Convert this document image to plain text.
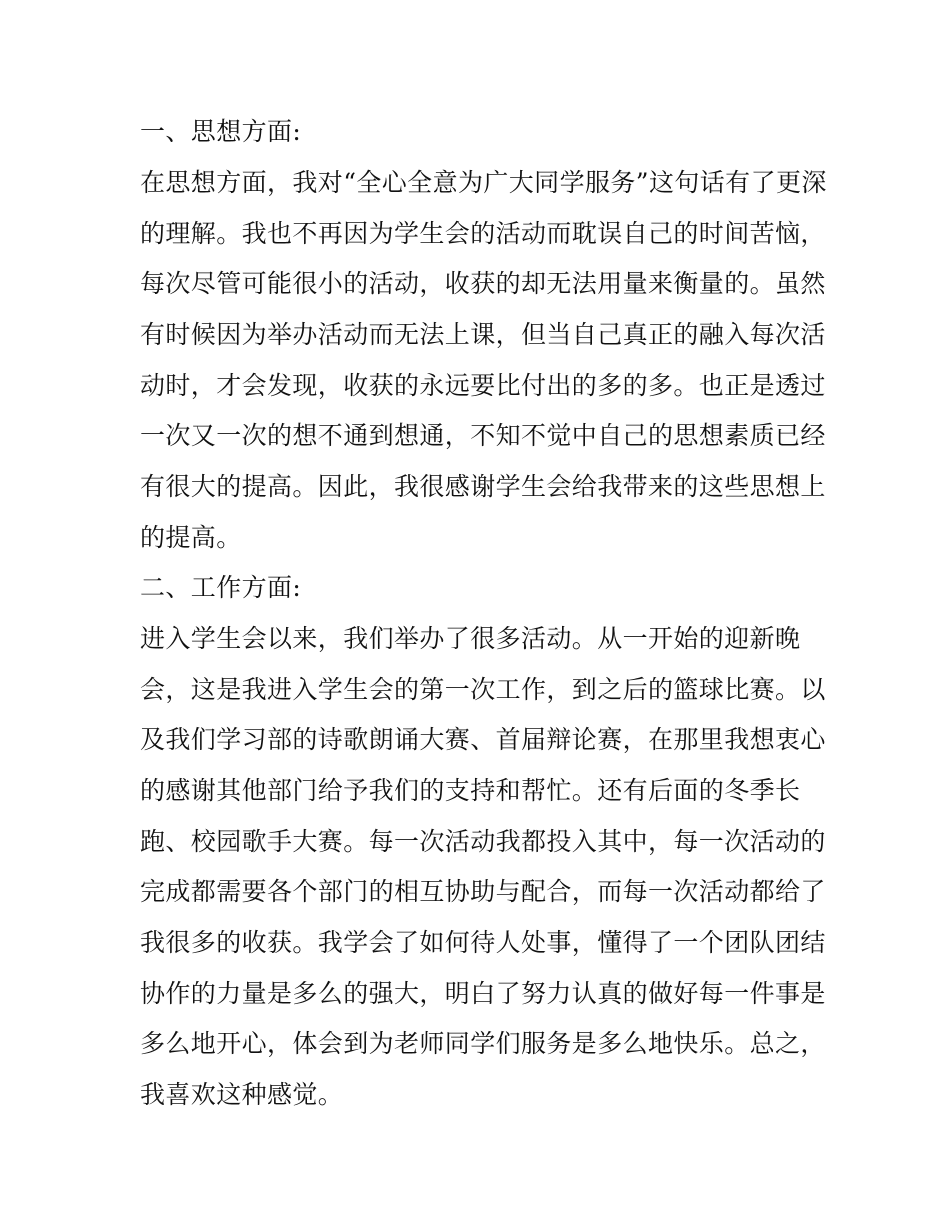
一、思想方面:

在思想方面，我对“全心全意为广大同学服务”这句话有了更深

的理解。我也不再因为学生会的活动而耽误自己的时间苦恼，

每次尽管可能很小的活动，收获的却无法用量来衡量的。虽然

有时候因为举办活动而无法上课，但当自己真正的融入每次活

动时，才会发现，收获的永远要比付出的多的多。也正是透过

一次又一次的想不通到想通，不知不觉中自己的思想素质已经

有很大的提高。因此，我很感谢学生会给我带来的这些思想上

的提高。

二、工作方面:

进入学生会以来，我们举办了很多活动。从一开始的迎新晚

会，这是我进入学生会的第一次工作，到之后的篮球比赛。以

及我们学习部的诗歌朗诵大赛、首届辩论赛，在那里我想衷心

的感谢其他部门给予我们的支持和帮忙。还有后面的冬季长

跑、校园歌手大赛。每一次活动我都投入其中，每一次活动的

完成都需要各个部门的相互协助与配合，而每一次活动都给了

我很多的收获。我学会了如何待人处事，懂得了一个团队团结

协作的力量是多么的强大，明白了努力认真的做好每一件事是

多么地开心，体会到为老师同学们服务是多么地快乐。总之，

我喜欢这种感觉。
